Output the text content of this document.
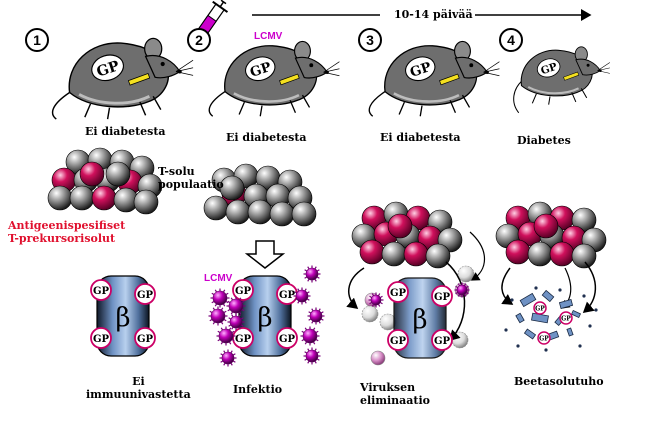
GP	GP	GP	GP
β
GP	GP
GP	GP
β
GP	GP
GP	GP
β
GP	GP
GP	GP
GP
GP
GP
10-14 päivää
LCMV
1	2	3	4
Ei diabetesta	Ei diabetesta	Ei diabetesta	Diabetes
T-solu
populaatio
Antigeenispesifiset
T-prekursorisolut
LCMV
Ei
immuunivastetta	Infektio	Viruksen
eliminaatio
Beetasolutuho
